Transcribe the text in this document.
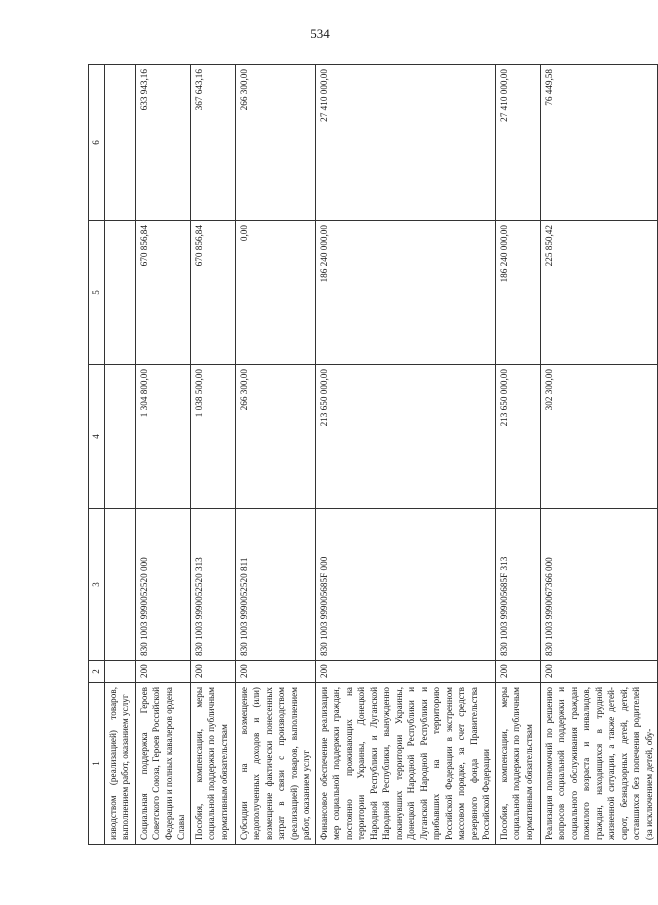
534
1	2	3	4	5	6
изводством (реализацией) товаров, выполнением работ, оказанием услуг					
Социальная поддержка Героев Советского Союза, Героев Российской Федерации и полных кавалеров ордена Славы	200	830 1003 9990052520 000	1 304 800,00	670 856,84	633 943,16
Пособия, компенсации, меры социальной поддержки по публичным нормативным обязательствам	200	830 1003 9990052520 313	1 038 500,00	670 856,84	367 643,16
Субсидии на возмещение недополученных доходов и (или) возмещение фактически понесенных затрат в связи с производством (реализацией) товаров, выполнением работ, оказанием услуг	200	830 1003 9990052520 811	266 300,00	0,00	266 300,00
Финансовое обеспечение реализации мер социальной поддержки граждан, постоянно проживающих на территории Украины, Донецкой Народной Республики и Луганской Народной Республики, вынужденно покинувших территории Украины, Донецкой Народной Республики и Луганской Народной Республики и прибывших на территорию Российской Федерации в экстренном массовом порядке, за счет средств резервного фонда Правительства Российской Федерации	200	830 1003 999005685F 000	213 650 000,00	186 240 000,00	27 410 000,00
Пособия, компенсации, меры социальной поддержки по публичным нормативным обязательствам	200	830 1003 999005685F 313	213 650 000,00	186 240 000,00	27 410 000,00
Реализация полномочий по решению вопросов социальной поддержки и социального обслуживания граждан пожилого возраста и инвалидов, граждан, находящихся в трудной жизненной ситуации, а также детей-сирот, безнадзорных детей, детей, оставшихся без попечения родителей (за исключением детей, обу-	200	830 1003 9990067366 000	302 300,00	225 850,42	76 449,58
